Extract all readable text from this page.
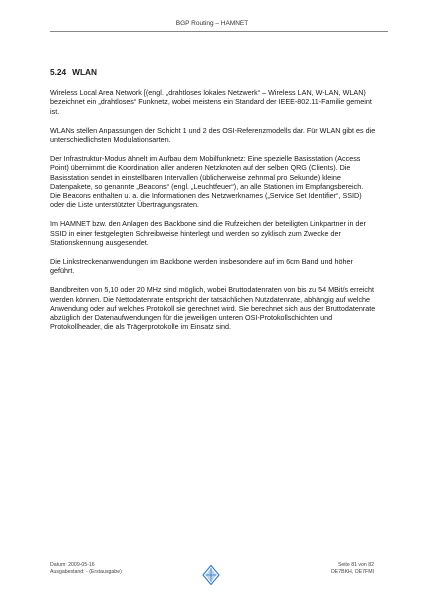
BGP Routing – HAMNET
5.24 WLAN

Wireless Local Area Network [(engl. „drahtloses lokales Netzwerk“ – Wireless LAN, W-LAN, WLAN) bezeichnet ein „drahtloses“ Funknetz, wobei meistens ein Standard der IEEE-802.11-Familie gemeint ist.

WLANs stellen Anpassungen der Schicht 1 und 2 des OSI-Referenzmodells dar. Für WLAN gibt es die unterschiedlichsten Modulationsarten.

Der Infrastruktur-Modus ähnelt im Aufbau dem Mobilfunknetz: Eine spezielle Basisstation (Access Point) übernimmt die Koordination aller anderen Netzknoten auf der selben QRG (Clients). Die Basisstation sendet in einstellbaren Intervallen (üblicherweise zehnmal pro Sekunde) kleine Datenpakete, so genannte „Beacons“ (engl. „Leuchtfeuer“), an alle Stationen im Empfangsbereich. Die Beacons enthalten u. a. die Informationen des Netzwerknames („Service Set Identifier“, SSID) oder die Liste unterstützter Übertragungsraten.

Im HAMNET bzw. den Anlagen des Backbone sind die Rufzeichen der beteiligten Linkpartner in der SSID in einer festgelegten Schreibweise hinterlegt und werden so zyklisch zum Zwecke der Stationskennung ausgesendet.

Die Linkstreckenanwendungen im Backbone werden insbesondere auf im 6cm Band und höher geführt.

Bandbreiten von 5,10 oder 20 MHz sind möglich, wobei Bruttodatenraten von bis zu 54 MBit/s erreicht werden können. Die Nettodatenrate entspricht der tatsächlichen Nutzdatenrate, abhängig auf welche Anwendung oder auf welches Protokoll sie gerechnet wird. Sie berechnet sich aus der Bruttodatenrate abzüglich der Datenaufwendungen für die jeweiligen unteren OSI-Protokollschichten und Protokollheader, die als Trägerprotokolle im Einsatz sind.

Datum: 2009-05-16
Ausgabestand: - (Erstausgabe)
Seite 81 von 82
OE7BKH, OE7FMI
